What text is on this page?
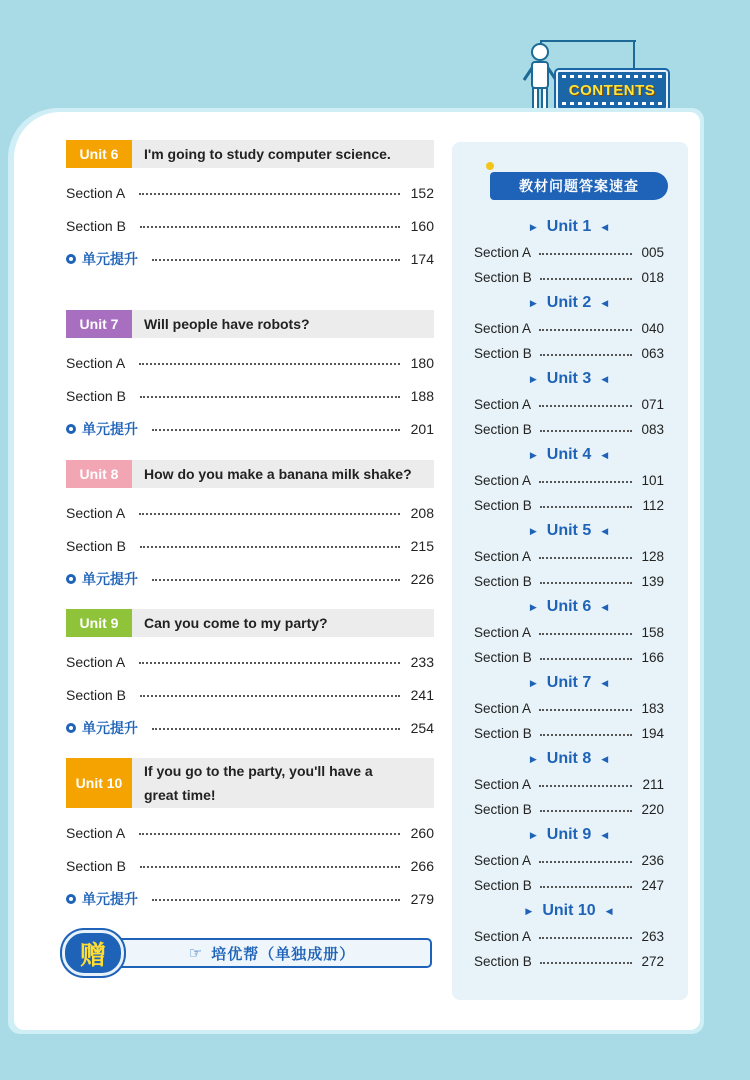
CONTENTS
Unit 6	I'm going to study computer science.
Section A	152
Section B	160
单元提升	174
Unit 7	Will people have robots?
Section A	180
Section B	188
单元提升	201
Unit 8	How do you make a banana milk shake?
Section A	208
Section B	215
单元提升	226
Unit 9	Can you come to my party?
Section A	233
Section B	241
单元提升	254
Unit 10
If you go to the party, you'll have a
great time!
Section A	260
Section B	266
单元提升	279
☞ 培优帮（单独成册）
赠
教材问题答案速查
▶ Unit 1 ◀
Section A	005
Section B	018
▶ Unit 2 ◀
Section A	040
Section B	063
▶ Unit 3 ◀
Section A	071
Section B	083
▶ Unit 4 ◀
Section A	101
Section B	112
▶ Unit 5 ◀
Section A	128
Section B	139
▶ Unit 6 ◀
Section A	158
Section B	166
▶ Unit 7 ◀
Section A	183
Section B	194
▶ Unit 8 ◀
Section A	211
Section B	220
▶ Unit 9 ◀
Section A	236
Section B	247
▶ Unit 10 ◀
Section A	263
Section B	272
